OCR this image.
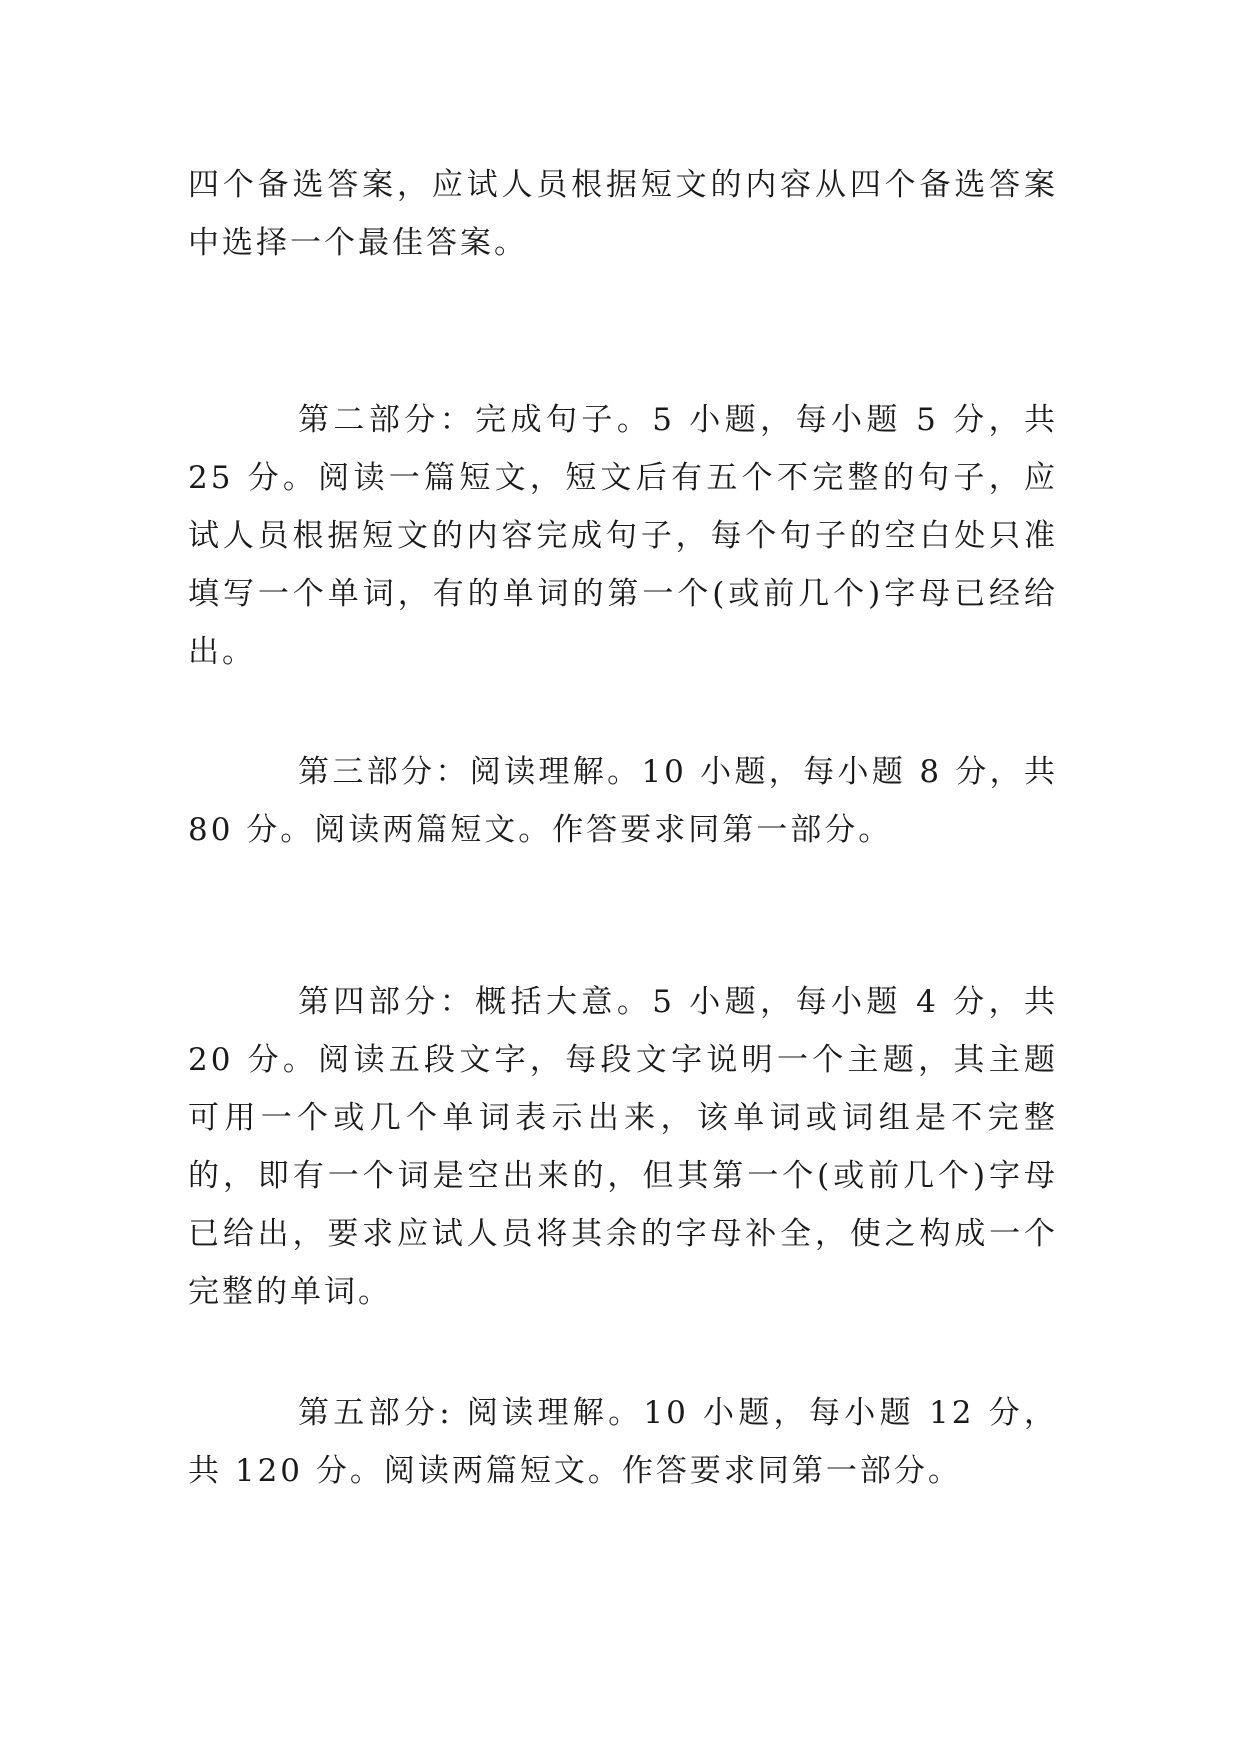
四个备选答案，应试人员根据短文的内容从四个备选答案中选择一个最佳答案。

第二部分：完成句子。5 小题，每小题 5 分，共 25 分。阅读一篇短文，短文后有五个不完整的句子，应试人员根据短文的内容完成句子，每个句子的空白处只准填写一个单词，有的单词的第一个(或前几个)字母已经给出。

第三部分：阅读理解。10 小题，每小题 8 分，共 80 分。阅读两篇短文。作答要求同第一部分。

第四部分：概括大意。5 小题，每小题 4 分，共 20 分。阅读五段文字，每段文字说明一个主题，其主题可用一个或几个单词表示出来，该单词或词组是不完整的，即有一个词是空出来的，但其第一个(或前几个)字母已给出，要求应试人员将其余的字母补全，使之构成一个完整的单词。

第五部分: 阅读理解。10 小题，每小题 12 分，共 120 分。阅读两篇短文。作答要求同第一部分。
